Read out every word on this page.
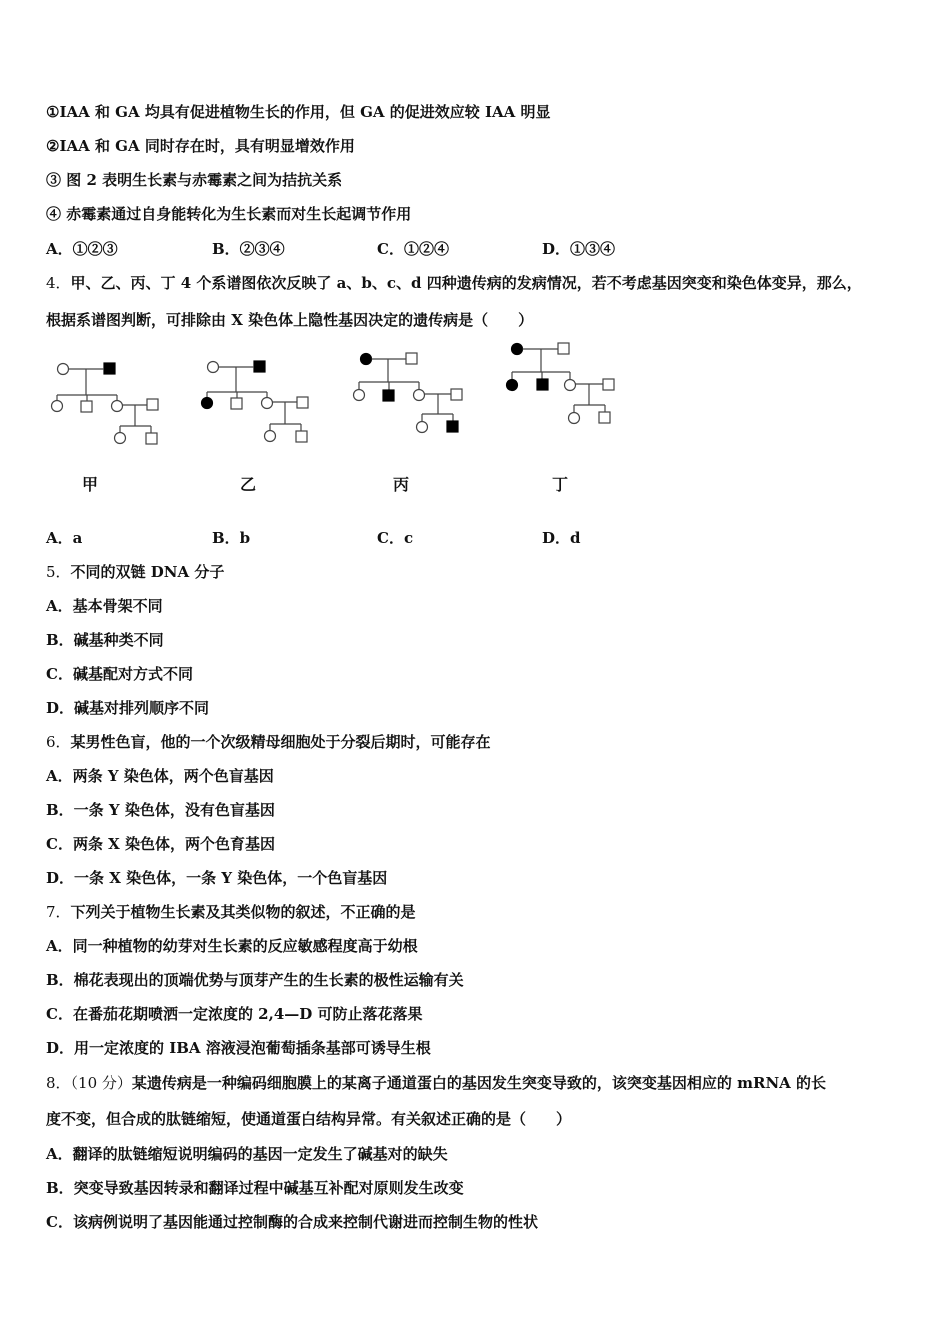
①IAA 和 GA 均具有促进植物生长的作用，但 GA 的促进效应较 IAA 明显
②IAA 和 GA 同时存在时，具有明显增效作用
③ 图 2 表明生长素与赤霉素之间为拮抗关系
④ 赤霉素通过自身能转化为生长素而对生长起调节作用
A．①②③	B．②③④	C．①②④	D．①③④
4．甲、乙、丙、丁 4 个系谱图依次反映了 a、b、c、d 四种遗传病的发病情况，若不考虑基因突变和染色体变异，那么，
根据系谱图判断，可排除由 X 染色体上隐性基因决定的遗传病是（　　）
甲	乙	丙	丁
A．a	B．b	C．c	D．d
5．不同的双链 DNA 分子
A．基本骨架不同
B．碱基种类不同
C．碱基配对方式不同
D．碱基对排列顺序不同
6．某男性色盲，他的一个次级精母细胞处于分裂后期时，可能存在
A．两条 Y 染色体，两个色盲基因
B．一条 Y 染色体，没有色盲基因
C．两条 X 染色体，两个色育基因
D．一条 X 染色体，一条 Y 染色体，一个色盲基因
7．下列关于植物生长素及其类似物的叙述，不正确的是
A．同一种植物的幼芽对生长素的反应敏感程度高于幼根
B．棉花表现出的顶端优势与顶芽产生的生长素的极性运输有关
C．在番茄花期喷洒一定浓度的 2,4—D 可防止落花落果
D．用一定浓度的 IBA 溶液浸泡葡萄插条基部可诱导生根
8．（10 分）某遗传病是一种编码细胞膜上的某离子通道蛋白的基因发生突变导致的，该突变基因相应的 mRNA 的长
度不变，但合成的肽链缩短，使通道蛋白结构异常。有关叙述正确的是（　　）
A．翻译的肽链缩短说明编码的基因一定发生了碱基对的缺失
B．突变导致基因转录和翻译过程中碱基互补配对原则发生改变
C．该病例说明了基因能通过控制酶的合成来控制代谢进而控制生物的性状
